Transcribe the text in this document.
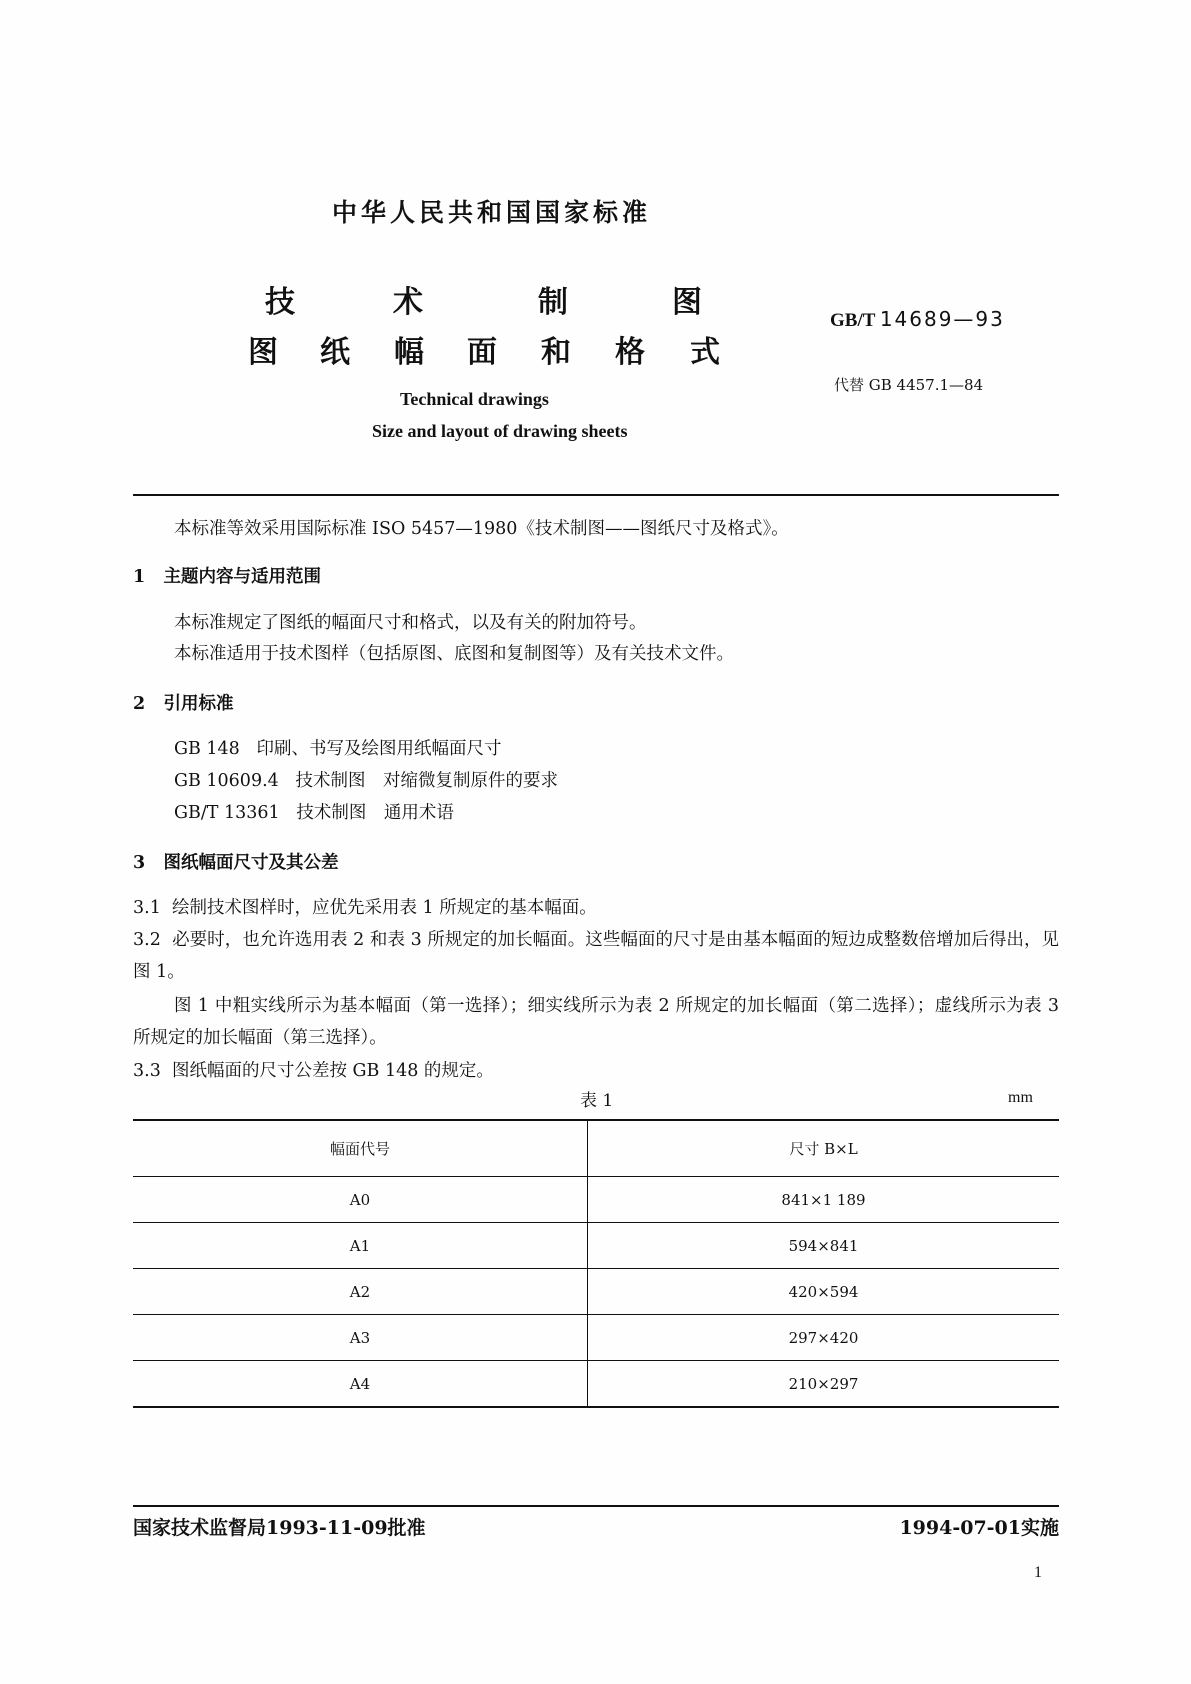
中华人民共和国国家标准
技	术	制	图
图 纸 幅 面 和 格 式
GB/T 14689—93
代替 GB 4457.1—84
Technical drawings
Size and layout of drawing sheets
本标准等效采用国际标准 ISO 5457—1980《技术制图——图纸尺寸及格式》。
1 主题内容与适用范围
本标准规定了图纸的幅面尺寸和格式，以及有关的附加符号。
本标准适用于技术图样（包括原图、底图和复制图等）及有关技术文件。
2 引用标准
GB 148 印刷、书写及绘图用纸幅面尺寸
GB 10609.4 技术制图　对缩微复制原件的要求
GB/T 13361 技术制图　通用术语
3 图纸幅面尺寸及其公差
3.1 绘制技术图样时，应优先采用表 1 所规定的基本幅面。
3.2 必要时，也允许选用表 2 和表 3 所规定的加长幅面。这些幅面的尺寸是由基本幅面的短边成整数倍增加后得出，见图 1。
图 1 中粗实线所示为基本幅面（第一选择）；细实线所示为表 2 所规定的加长幅面（第二选择）；虚线所示为表 3 所规定的加长幅面（第三选择）。
3.3 图纸幅面的尺寸公差按 GB 148 的规定。
表 1	mm
幅面代号	尺寸 B×L
A0	841×1 189
A1	594×841
A2	420×594
A3	297×420
A4	210×297
国家技术监督局1993-11-09批准	1994-07-01实施
1
